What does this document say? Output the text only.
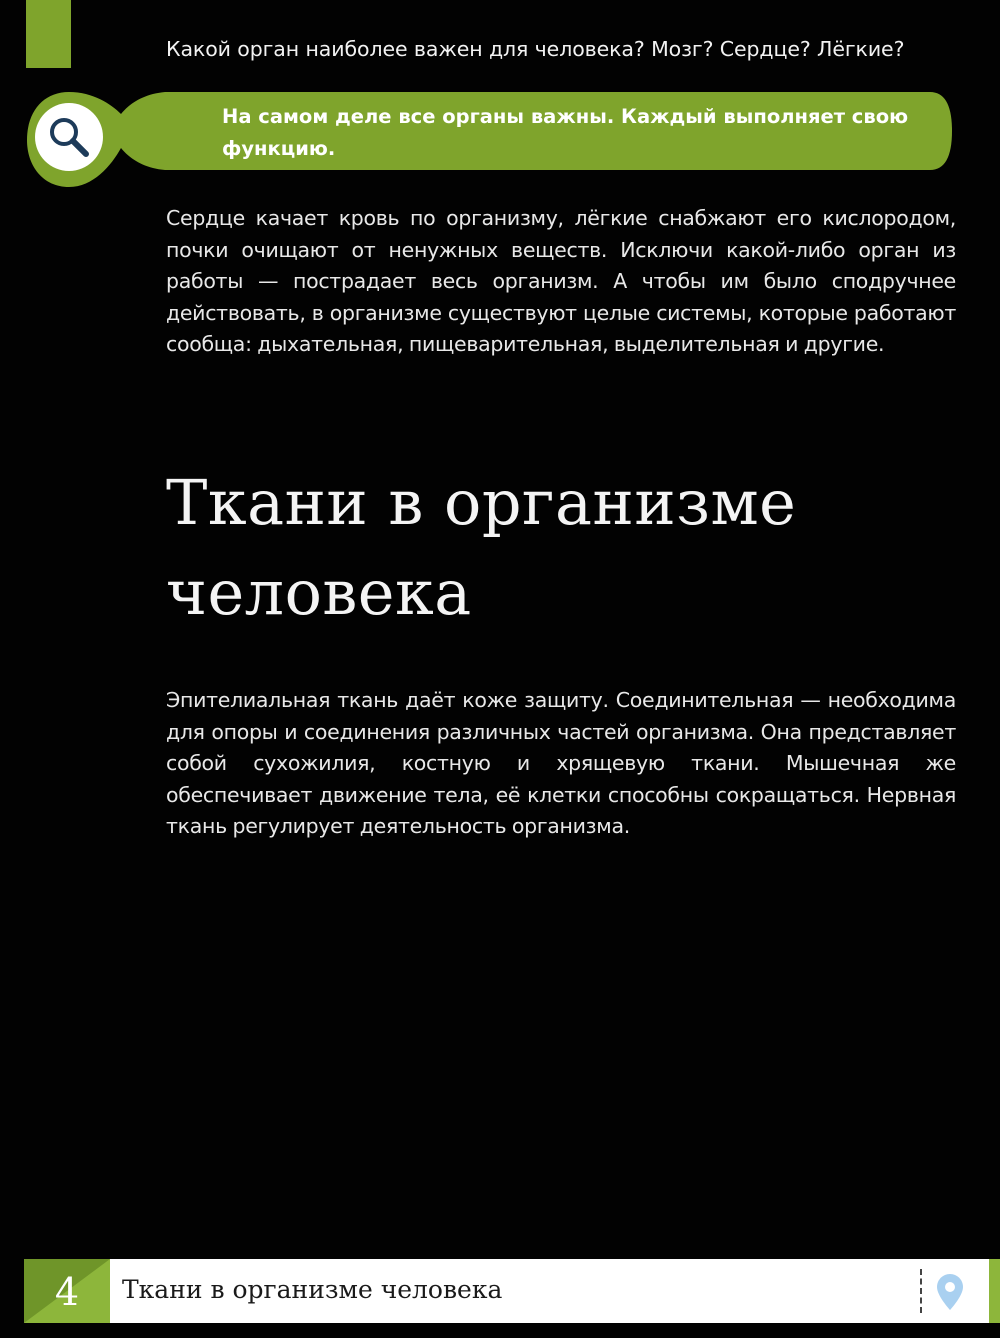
Какой орган наиболее важен для человека? Мозг? Сердце? Лёгкие?
На самом деле все органы важны. Каждый выполняет свою функцию.
Сердце качает кровь по организму, лёгкие снабжают его кислородом, почки очищают от ненужных веществ. Исключи какой-либо орган из работы — пострадает весь организм. А чтобы им было сподручнее действовать, в организме существуют целые системы, которые работают сообща: дыхательная, пищеварительная, выделительная и другие.
Ткани в организме человека
Эпителиальная ткань даёт коже защиту. Соединительная — необходима для опоры и соединения различных частей организма. Она представляет собой сухожилия, костную и хрящевую ткани. Мышечная же обеспечивает движение тела, её клетки способны сокращаться. Нервная ткань регулирует деятельность организма.
4	Ткани в организме человека
